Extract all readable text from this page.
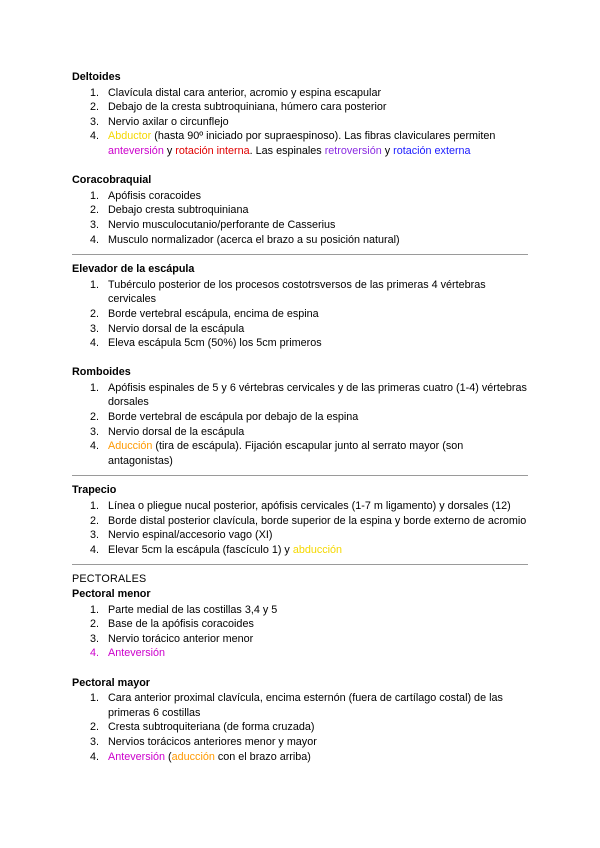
Deltoides
1. Clavícula distal cara anterior, acromio y espina escapular
2. Debajo de la cresta subtroquiniana, húmero cara posterior
3. Nervio axilar o circunflejo
4. Abductor (hasta 90º iniciado por supraespinoso). Las fibras claviculares permiten anteversión y rotación interna. Las espinales retroversión y rotación externa
Coracobraquial
1. Apófisis coracoides
2. Debajo cresta subtroquiniana
3. Nervio musculocutanio/perforante de Casserius
4. Musculo normalizador (acerca el brazo a su posición natural)
Elevador de la escápula
1. Tubérculo posterior de los procesos costotrsversos de las primeras 4 vértebras cervicales
2. Borde vertebral escápula, encima de espina
3. Nervio dorsal de la escápula
4. Eleva escápula 5cm (50%) los 5cm primeros
Romboides
1. Apófisis espinales de 5 y 6 vértebras cervicales y de las primeras cuatro (1-4) vértebras dorsales
2. Borde vertebral de escápula por debajo de la espina
3. Nervio dorsal de la escápula
4. Aducción (tira de escápula). Fijación escapular junto al serrato mayor (son antagonistas)
Trapecio
1. Línea o pliegue nucal posterior, apófisis cervicales (1-7 m ligamento) y dorsales (12)
2. Borde distal posterior clavícula, borde superior de la espina y borde externo de acromio
3. Nervio espinal/accesorio vago (XI)
4. Elevar 5cm la escápula (fascículo 1) y abducción
PECTORALES
Pectoral menor
1. Parte medial de las costillas 3,4 y 5
2. Base de la apófisis coracoides
3. Nervio torácico anterior menor
4. Anteversión
Pectoral mayor
1. Cara anterior proximal clavícula, encima esternón (fuera de cartílago costal) de las primeras 6 costillas
2. Cresta subtroquiteriana (de forma cruzada)
3. Nervios torácicos anteriores menor y mayor
4. Anteversión (aducción con el brazo arriba)
